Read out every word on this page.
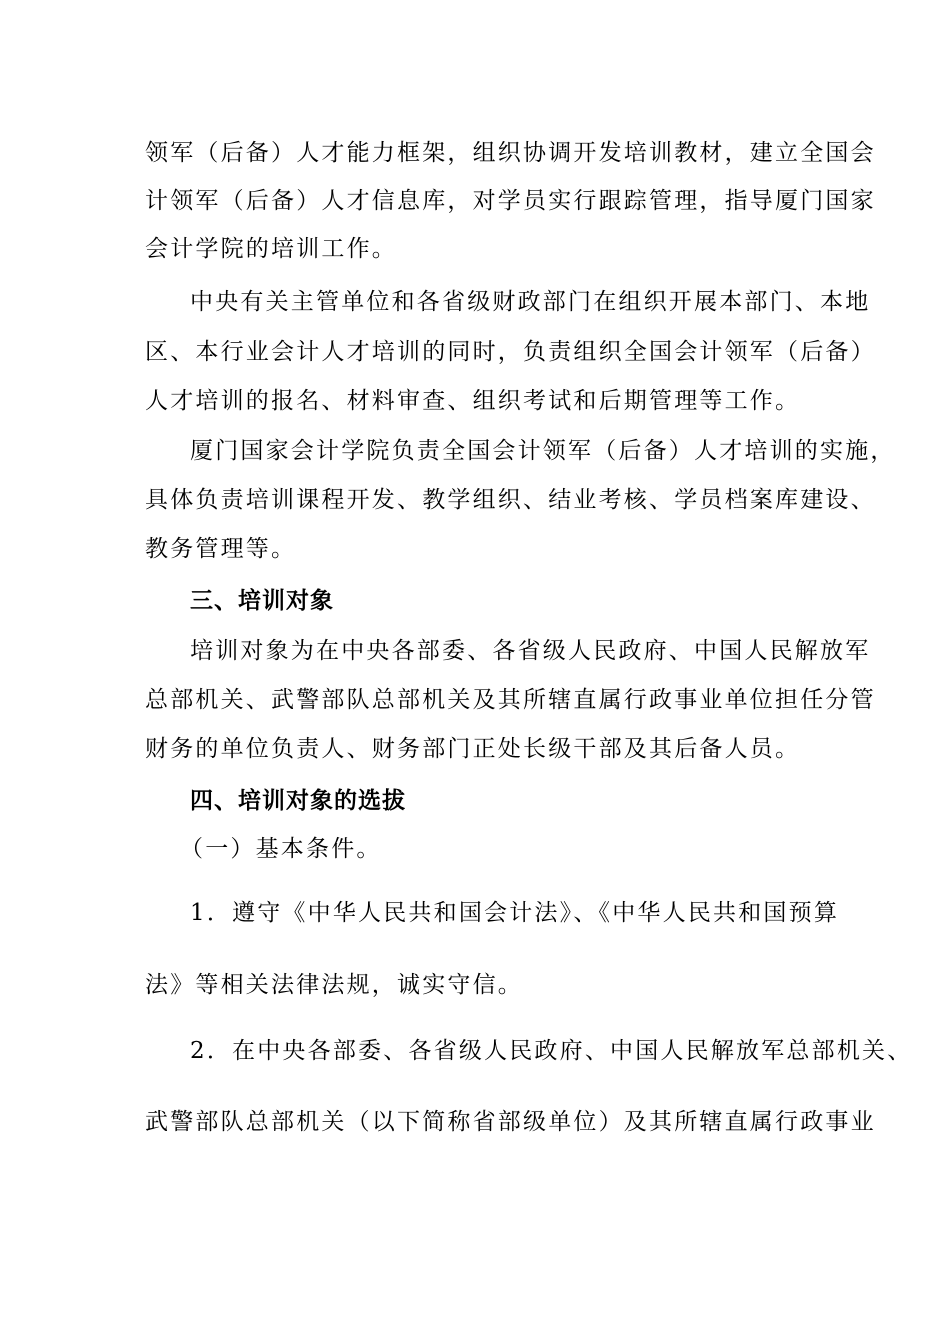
领军（后备）人才能力框架，组织协调开发培训教材，建立全国会
计领军（后备）人才信息库，对学员实行跟踪管理，指导厦门国家
会计学院的培训工作。
中央有关主管单位和各省级财政部门在组织开展本部门、本地
区、本行业会计人才培训的同时，负责组织全国会计领军（后备）
人才培训的报名、材料审查、组织考试和后期管理等工作。
厦门国家会计学院负责全国会计领军（后备）人才培训的实施，
具体负责培训课程开发、教学组织、结业考核、学员档案库建设、
教务管理等。
三、培训对象
培训对象为在中央各部委、各省级人民政府、中国人民解放军
总部机关、武警部队总部机关及其所辖直属行政事业单位担任分管
财务的单位负责人、财务部门正处长级干部及其后备人员。
四、培训对象的选拔
（一）基本条件。
1．遵守《中华人民共和国会计法》、《中华人民共和国预算
法》等相关法律法规，诚实守信。
2．在中央各部委、各省级人民政府、中国人民解放军总部机关、
武警部队总部机关（以下简称省部级单位）及其所辖直属行政事业
